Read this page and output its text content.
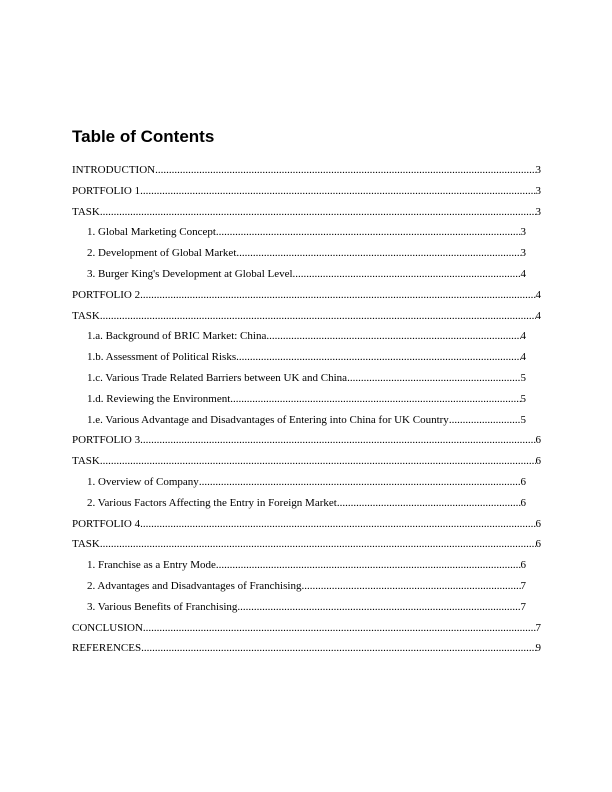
Table of Contents
INTRODUCTION .....	3
PORTFOLIO 1 .....	3
TASK .....	3
1. Global Marketing Concept .....	3
2. Development of Global Market .....	3
3. Burger King's Development at Global Level .....	4
PORTFOLIO 2 .....	4
TASK .....	4
1.a. Background of BRIC Market: China .....	4
1.b. Assessment of Political Risks .....	4
1.c. Various Trade Related Barriers between UK and China .....	5
1.d. Reviewing the Environment .....	5
1.e. Various Advantage and Disadvantages of Entering into China for UK Country .....	5
PORTFOLIO 3 .....	6
TASK .....	6
1. Overview of Company .....	6
2. Various Factors Affecting the Entry in Foreign Market .....	6
PORTFOLIO 4 .....	6
TASK .....	6
1. Franchise as a Entry Mode .....	6
2. Advantages and Disadvantages of Franchising .....	7
3. Various Benefits of Franchising .....	7
CONCLUSION .....	7
REFERENCES .....	9
